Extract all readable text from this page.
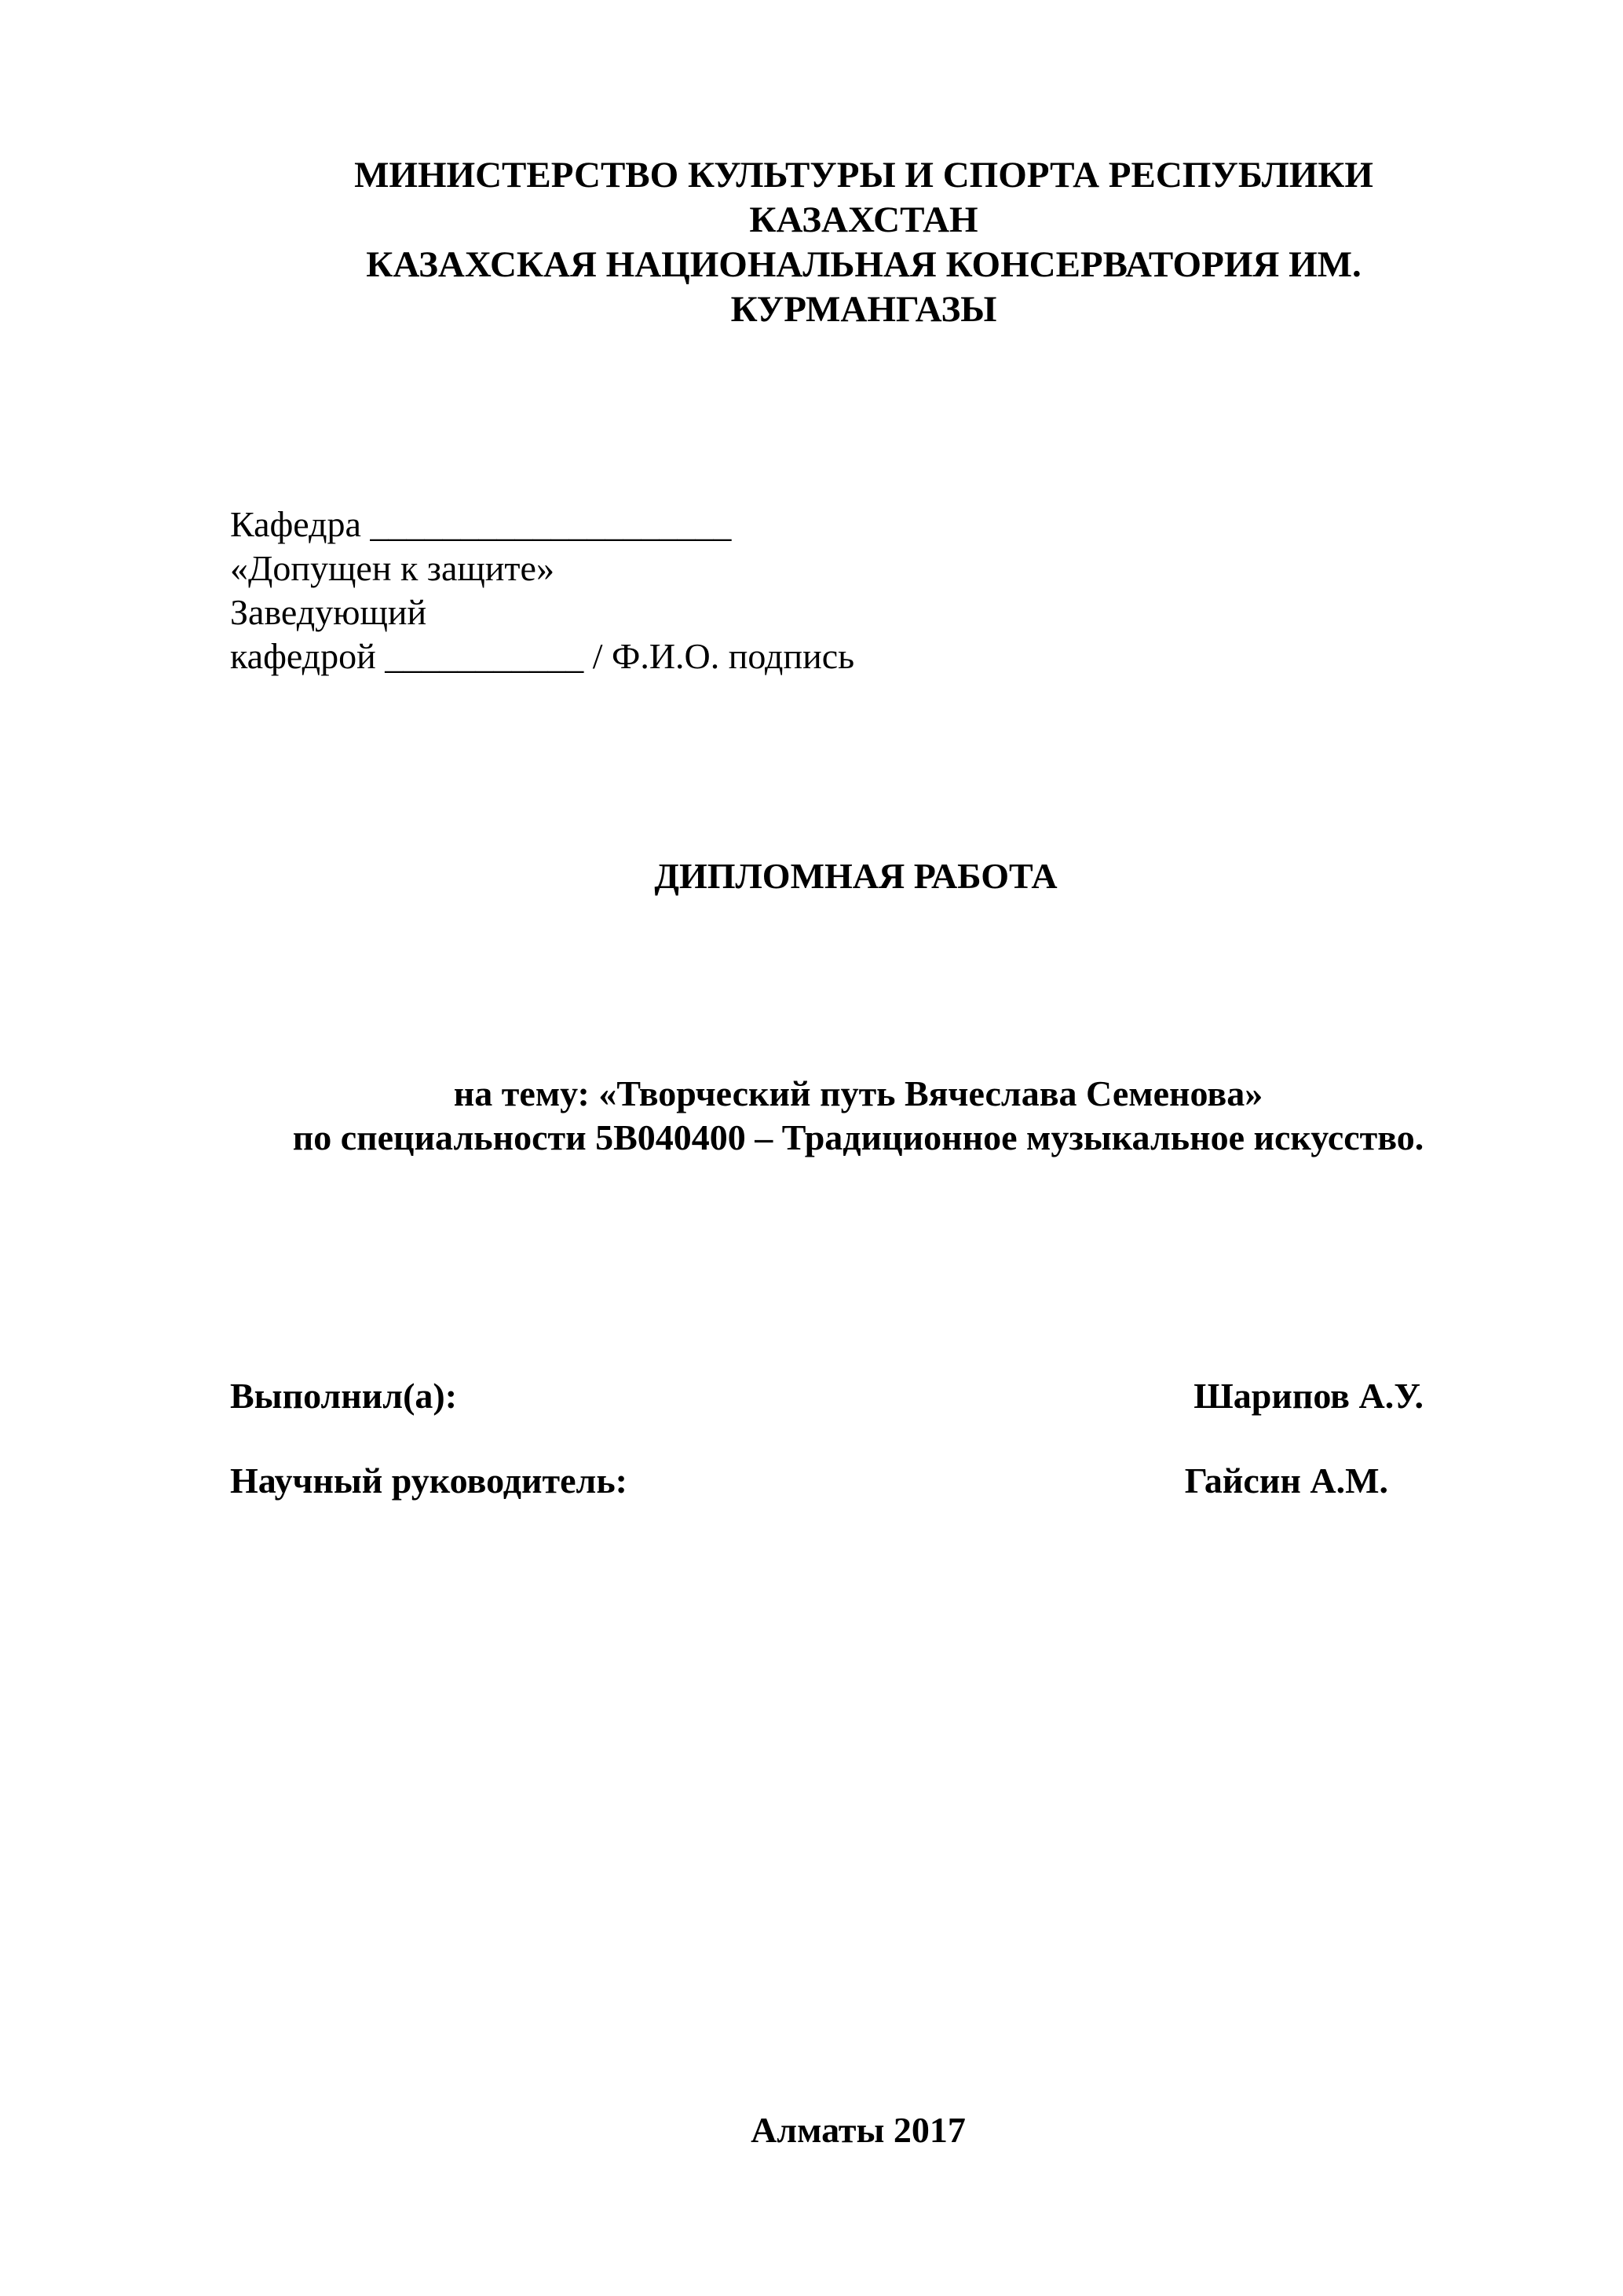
МИНИСТЕРСТВО КУЛЬТУРЫ И СПОРТА РЕСПУБЛИКИ
КАЗАХСТАН
КАЗАХСКАЯ НАЦИОНАЛЬНАЯ КОНСЕРВАТОРИЯ ИМ.
КУРМАНГАЗЫ
Кафедра ____________________
«Допущен к защите»
Заведующий
кафедрой ___________ / Ф.И.О. подпись
ДИПЛОМНАЯ РАБОТА
на тему: «Творческий путь Вячеслава Семенова»
по специальности 5В040400 – Традиционное музыкальное искусство.
Выполнил(а):	Шарипов А.У.
Научный руководитель:	Гайсин А.М.
Алматы 2017
